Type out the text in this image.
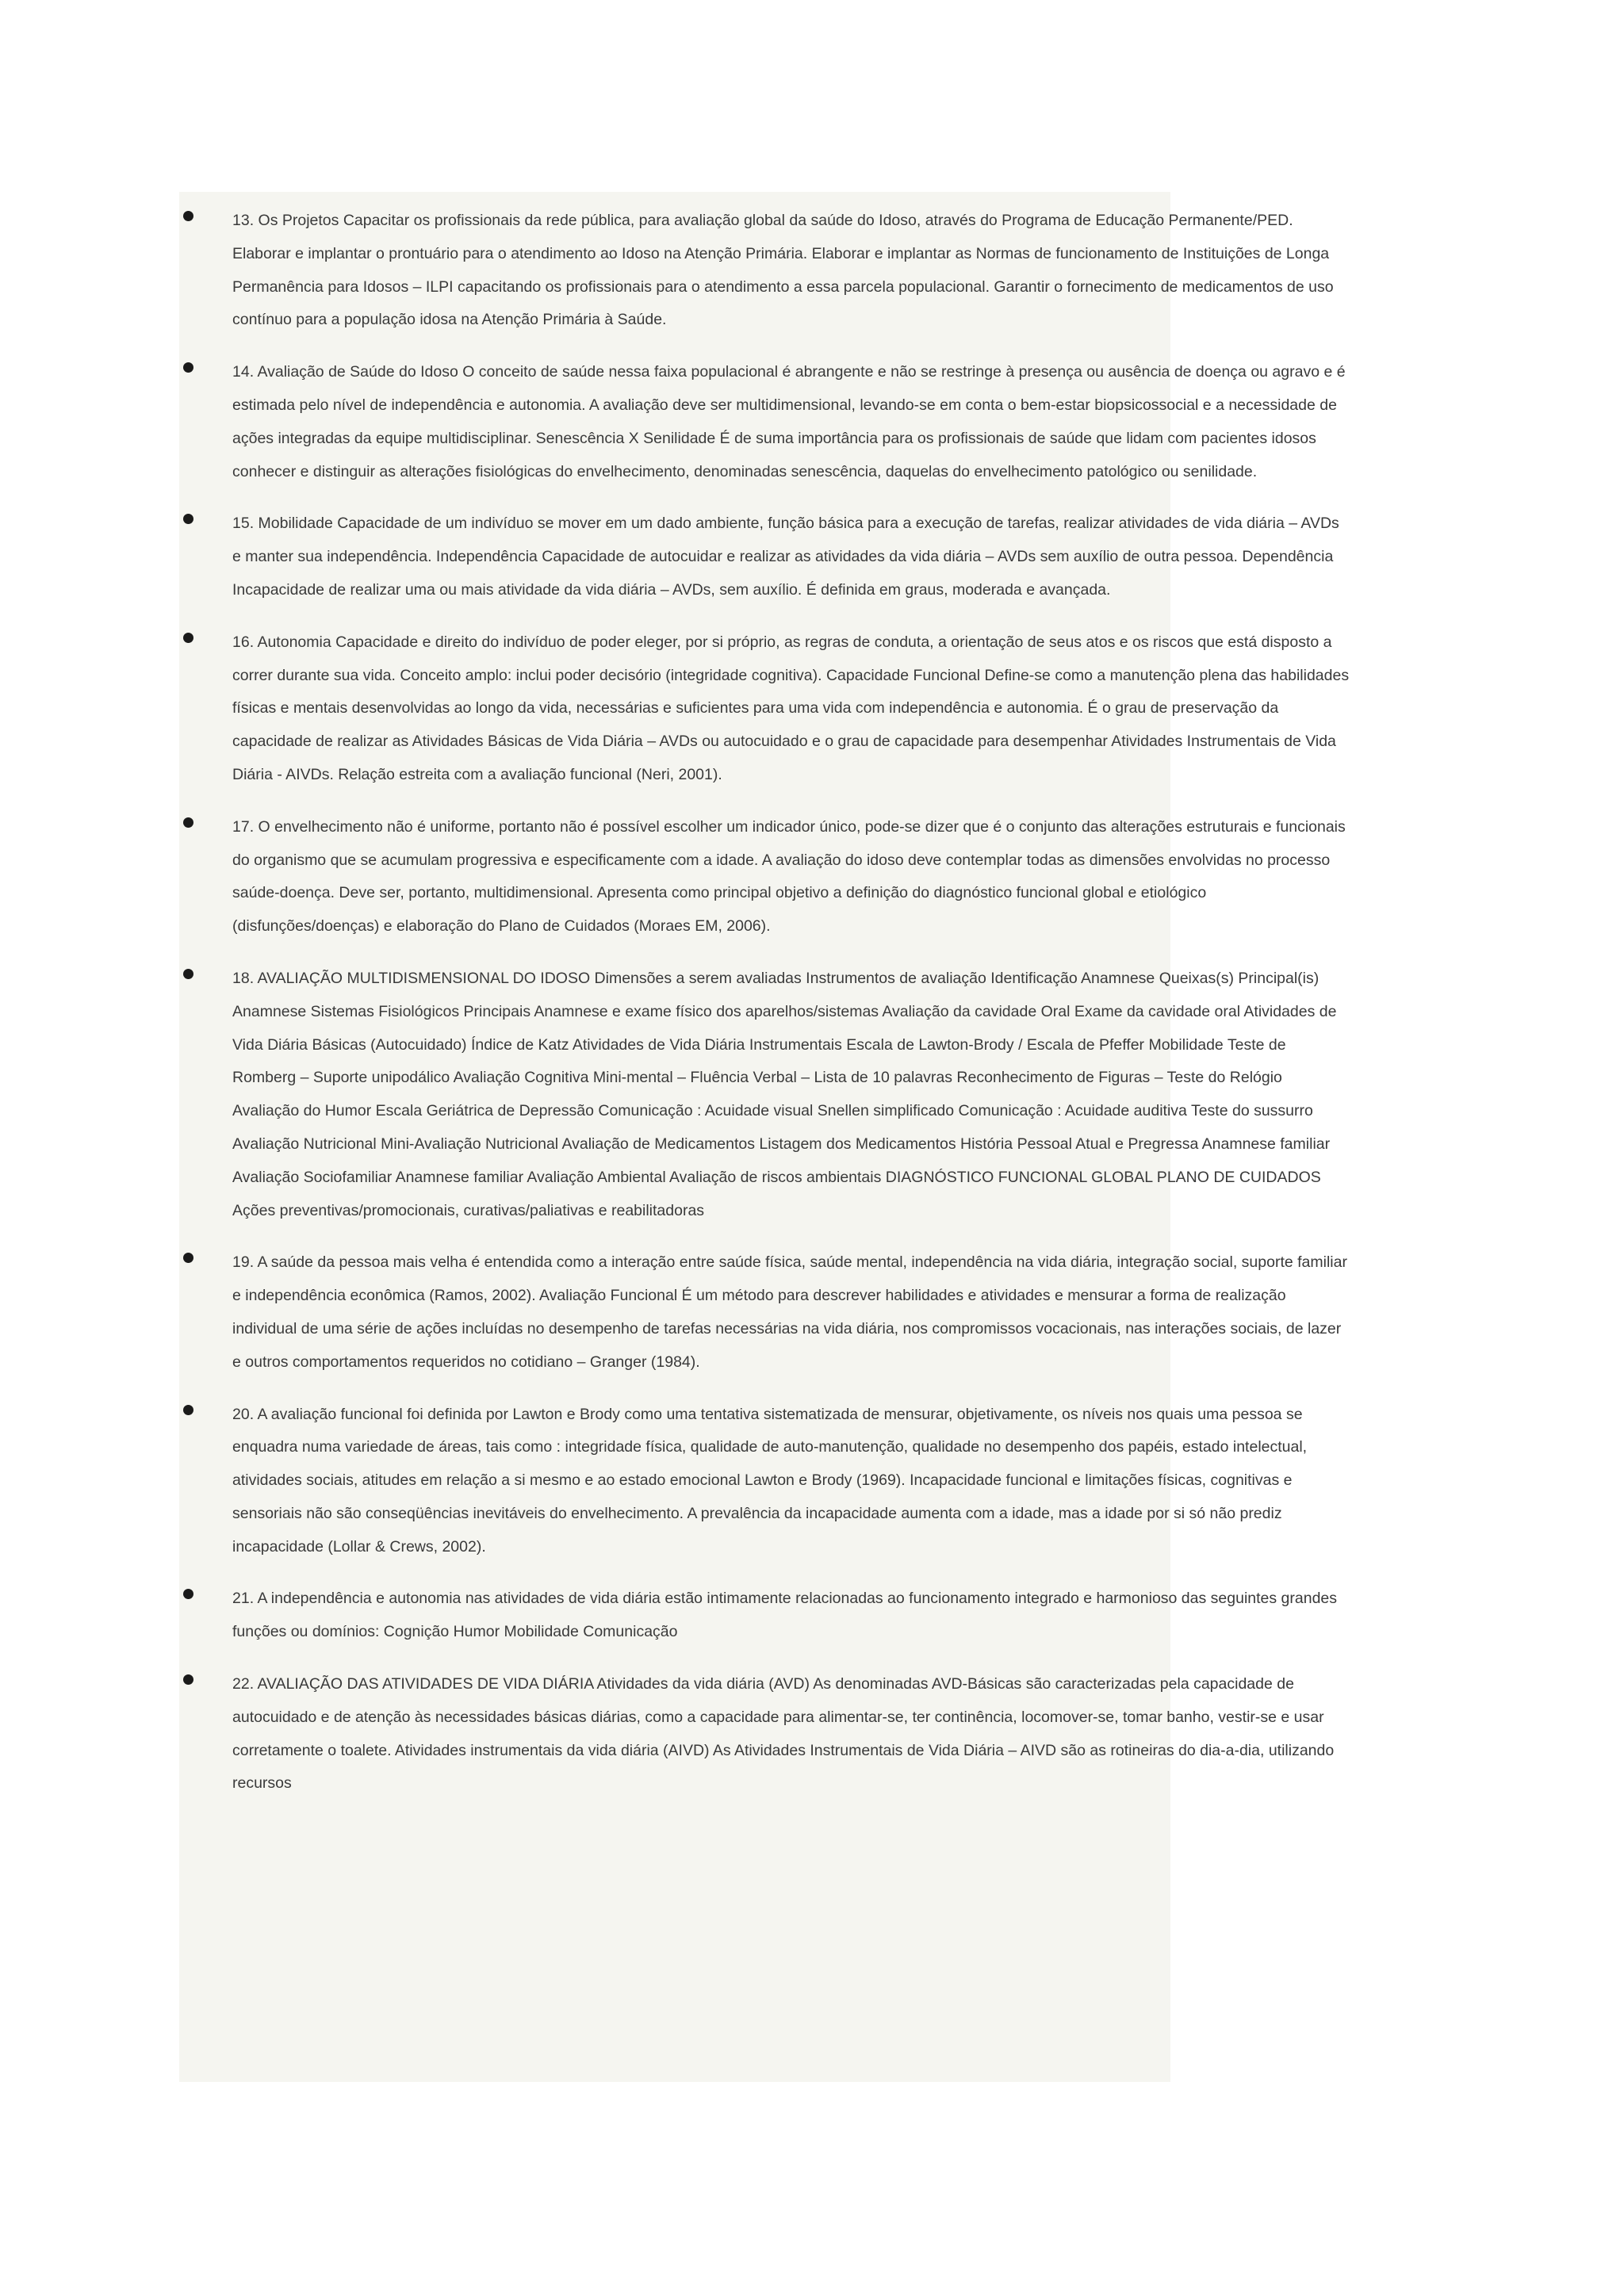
13. Os Projetos Capacitar os profissionais da rede pública, para avaliação global da saúde do Idoso, através do Programa de Educação Permanente/PED. Elaborar e implantar o prontuário para o atendimento ao Idoso na Atenção Primária. Elaborar e implantar as Normas de funcionamento de Instituições de Longa Permanência para Idosos – ILPI capacitando os profissionais para o atendimento a essa parcela populacional. Garantir o fornecimento de medicamentos de uso contínuo para a população idosa na Atenção Primária à Saúde.

14. Avaliação de Saúde do Idoso O conceito de saúde nessa faixa populacional é abrangente e não se restringe à presença ou ausência de doença ou agravo e é estimada pelo nível de independência e autonomia. A avaliação deve ser multidimensional, levando-se em conta o bem-estar biopsicossocial e a necessidade de ações integradas da equipe multidisciplinar. Senescência X Senilidade É de suma importância para os profissionais de saúde que lidam com pacientes idosos conhecer e distinguir as alterações fisiológicas do envelhecimento, denominadas senescência, daquelas do envelhecimento patológico ou senilidade.

15. Mobilidade Capacidade de um indivíduo se mover em um dado ambiente, função básica para a execução de tarefas, realizar atividades de vida diária – AVDs e manter sua independência. Independência Capacidade de autocuidar e realizar as atividades da vida diária – AVDs sem auxílio de outra pessoa. Dependência Incapacidade de realizar uma ou mais atividade da vida diária – AVDs, sem auxílio. É definida em graus, moderada e avançada.

16. Autonomia Capacidade e direito do indivíduo de poder eleger, por si próprio, as regras de conduta, a orientação de seus atos e os riscos que está disposto a correr durante sua vida. Conceito amplo: inclui poder decisório (integridade cognitiva). Capacidade Funcional Define-se como a manutenção plena das habilidades físicas e mentais desenvolvidas ao longo da vida, necessárias e suficientes para uma vida com independência e autonomia. É o grau de preservação da capacidade de realizar as Atividades Básicas de Vida Diária – AVDs ou autocuidado e o grau de capacidade para desempenhar Atividades Instrumentais de Vida Diária - AIVDs. Relação estreita com a avaliação funcional (Neri, 2001).

17. O envelhecimento não é uniforme, portanto não é possível escolher um indicador único, pode-se dizer que é o conjunto das alterações estruturais e funcionais do organismo que se acumulam progressiva e especificamente com a idade. A avaliação do idoso deve contemplar todas as dimensões envolvidas no processo saúde-doença. Deve ser, portanto, multidimensional. Apresenta como principal objetivo a definição do diagnóstico funcional global e etiológico (disfunções/doenças) e elaboração do Plano de Cuidados (Moraes EM, 2006).

18. AVALIAÇÃO MULTIDISMENSIONAL DO IDOSO Dimensões a serem avaliadas Instrumentos de avaliação Identificação Anamnese Queixas(s) Principal(is) Anamnese Sistemas Fisiológicos Principais Anamnese e exame físico dos aparelhos/sistemas Avaliação da cavidade Oral Exame da cavidade oral Atividades de Vida Diária Básicas (Autocuidado) Índice de Katz Atividades de Vida Diária Instrumentais Escala de Lawton-Brody / Escala de Pfeffer Mobilidade Teste de Romberg – Suporte unipodálico Avaliação Cognitiva Mini-mental – Fluência Verbal – Lista de 10 palavras Reconhecimento de Figuras – Teste do Relógio Avaliação do Humor Escala Geriátrica de Depressão Comunicação : Acuidade visual Snellen simplificado Comunicação : Acuidade auditiva Teste do sussurro Avaliação Nutricional Mini-Avaliação Nutricional Avaliação de Medicamentos Listagem dos Medicamentos História Pessoal Atual e Pregressa Anamnese familiar Avaliação Sociofamiliar Anamnese familiar Avaliação Ambiental Avaliação de riscos ambientais DIAGNÓSTICO FUNCIONAL GLOBAL PLANO DE CUIDADOS Ações preventivas/promocionais, curativas/paliativas e reabilitadoras

19. A saúde da pessoa mais velha é entendida como a interação entre saúde física, saúde mental, independência na vida diária, integração social, suporte familiar e independência econômica (Ramos, 2002). Avaliação Funcional É um método para descrever habilidades e atividades e mensurar a forma de realização individual de uma série de ações incluídas no desempenho de tarefas necessárias na vida diária, nos compromissos vocacionais, nas interações sociais, de lazer e outros comportamentos requeridos no cotidiano – Granger (1984).

20. A avaliação funcional foi definida por Lawton e Brody como uma tentativa sistematizada de mensurar, objetivamente, os níveis nos quais uma pessoa se enquadra numa variedade de áreas, tais como : integridade física, qualidade de auto-manutenção, qualidade no desempenho dos papéis, estado intelectual, atividades sociais, atitudes em relação a si mesmo e ao estado emocional Lawton e Brody (1969). Incapacidade funcional e limitações físicas, cognitivas e sensoriais não são conseqüências inevitáveis do envelhecimento. A prevalência da incapacidade aumenta com a idade, mas a idade por si só não prediz incapacidade (Lollar & Crews, 2002).

21. A independência e autonomia nas atividades de vida diária estão intimamente relacionadas ao funcionamento integrado e harmonioso das seguintes grandes funções ou domínios: Cognição Humor Mobilidade Comunicação

22. AVALIAÇÃO DAS ATIVIDADES DE VIDA DIÁRIA Atividades da vida diária (AVD) As denominadas AVD-Básicas são caracterizadas pela capacidade de autocuidado e de atenção às necessidades básicas diárias, como a capacidade para alimentar-se, ter continência, locomover-se, tomar banho, vestir-se e usar corretamente o toalete. Atividades instrumentais da vida diária (AIVD) As Atividades Instrumentais de Vida Diária – AIVD são as rotineiras do dia-a-dia, utilizando recursos
